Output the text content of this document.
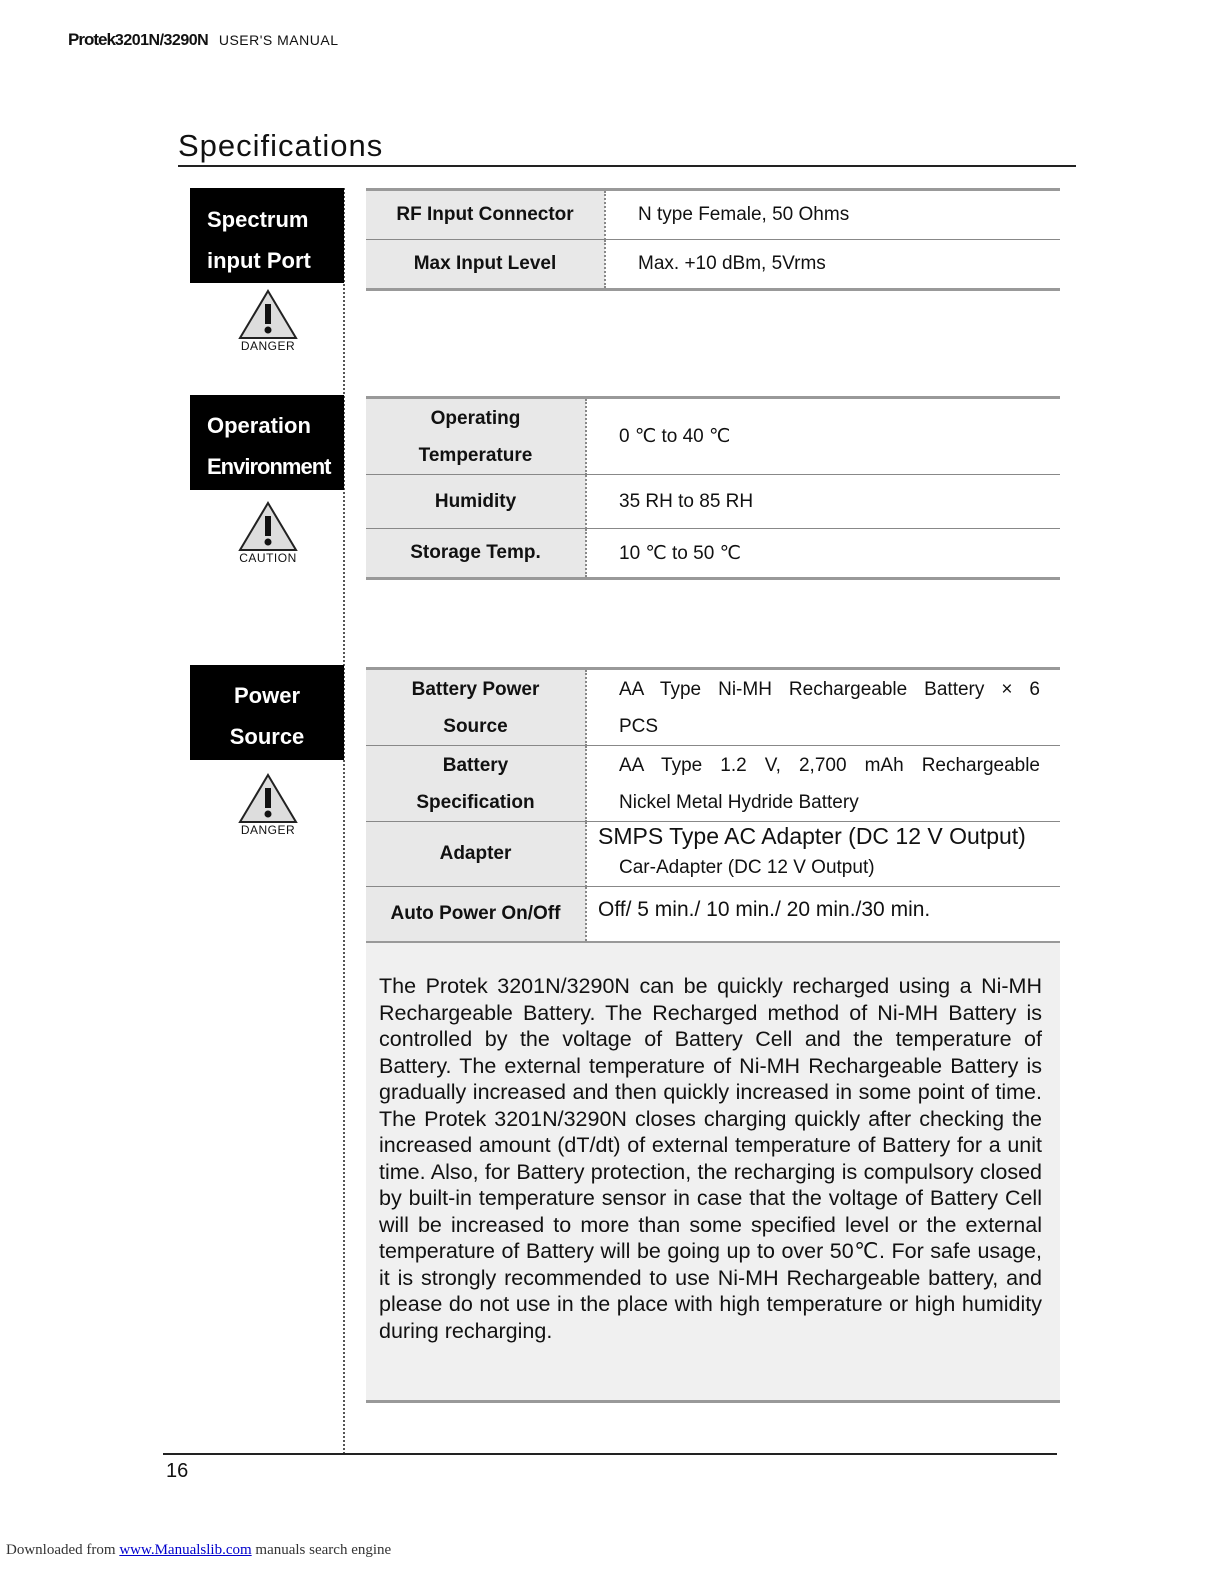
Protek3201N/3290N USER'S MANUAL
Specifications
Spectrum
input Port
DANGER
RF Input Connector	N type Female, 50 Ohms
Max Input Level	Max. +10 dBm, 5Vrms
Operation
Environment
CAUTION
Operating
Temperature	0 ℃ to 40 ℃
Humidity	35 RH to 85 RH
Storage Temp.	10 ℃ to 50 ℃
Power
Source
DANGER
Battery Power
Source	AA Type Ni-MH Rechargeable Battery × 6
PCS

Battery
Specification	AA Type 1.2 V, 2,700 mAh Rechargeable
Nickel Metal Hydride Battery

Adapter	SMPS Type AC Adapter (DC 12 V Output)
Car-Adapter (DC 12 V Output)

Auto Power On/Off	Off/ 5 min./ 10 min./ 20 min./30 min.
The Protek 3201N/3290N can be quickly recharged using a Ni-MH Rechargeable Battery. The Recharged method of Ni-MH Battery is controlled by the voltage of Battery Cell and the temperature of Battery. The external temperature of Ni-MH Rechargeable Battery is gradually increased and then quickly increased in some point of time. The Protek 3201N/3290N closes charging quickly after checking the increased amount (dT/dt) of external temperature of Battery for a unit time. Also, for Battery protection, the recharging is compulsory closed by built-in temperature sensor in case that the voltage of Battery Cell will be increased to more than some specified level or the external temperature of Battery will be going up to over 50℃. For safe usage, it is strongly recommended to use Ni-MH Rechargeable battery, and please do not use in the place with high temperature or high humidity during recharging.
16
Downloaded from www.Manualslib.com manuals search engine
